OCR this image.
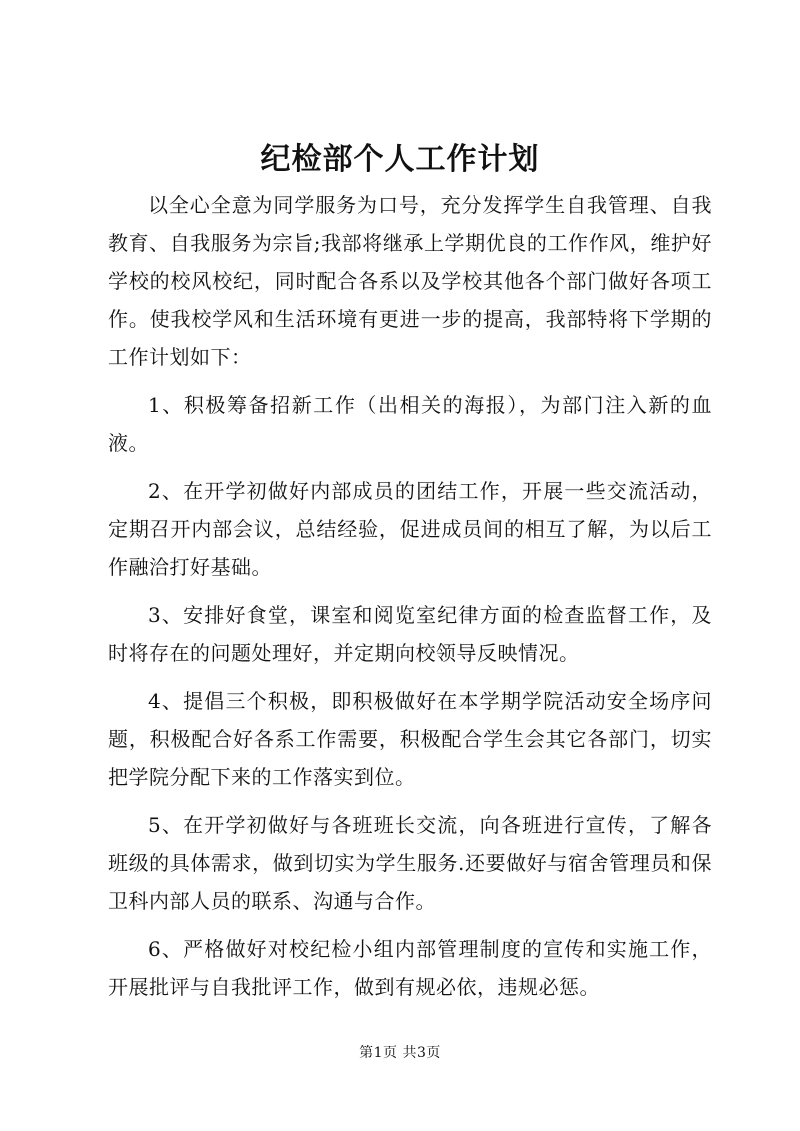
纪检部个人工作计划

以全心全意为同学服务为口号，充分发挥学生自我管理、自我教育、自我服务为宗旨;我部将继承上学期优良的工作作风，维护好学校的校风校纪，同时配合各系以及学校其他各个部门做好各项工作。使我校学风和生活环境有更进一步的提高，我部特将下学期的工作计划如下：

1、积极筹备招新工作（出相关的海报），为部门注入新的血液。

2、在开学初做好内部成员的团结工作，开展一些交流活动，定期召开内部会议，总结经验，促进成员间的相互了解，为以后工作融洽打好基础。

3、安排好食堂，课室和阅览室纪律方面的检查监督工作，及时将存在的问题处理好，并定期向校领导反映情况。

4、提倡三个积极，即积极做好在本学期学院活动安全场序问题，积极配合好各系工作需要，积极配合学生会其它各部门，切实把学院分配下来的工作落实到位。

5、在开学初做好与各班班长交流，向各班进行宣传，了解各班级的具体需求，做到切实为学生服务.还要做好与宿舍管理员和保卫科内部人员的联系、沟通与合作。

6、严格做好对校纪检小组内部管理制度的宣传和实施工作，开展批评与自我批评工作，做到有规必依，违规必惩。

第1页 共3页
